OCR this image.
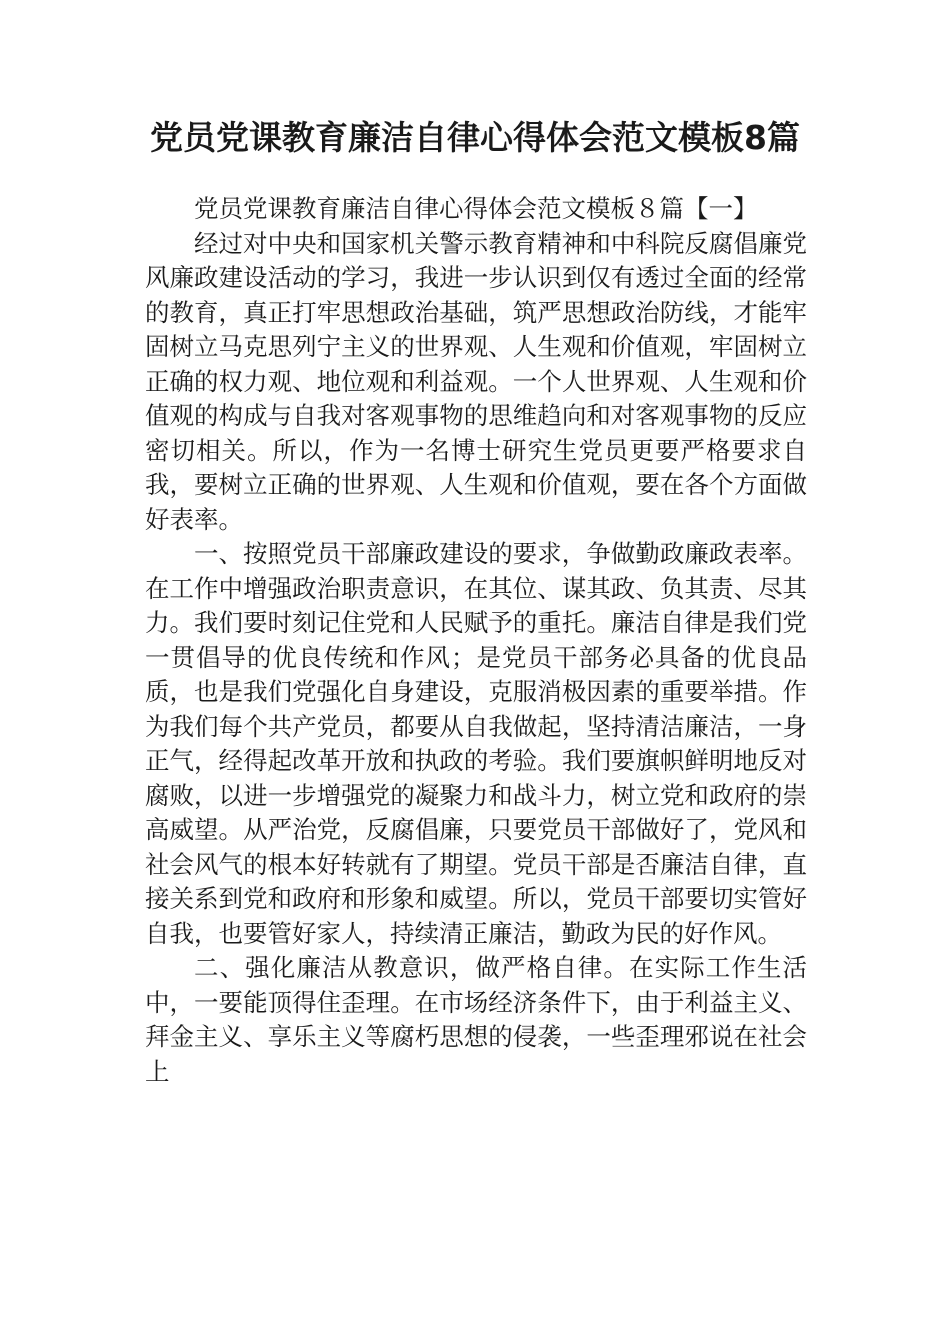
党员党课教育廉洁自律心得体会范文模板8篇

党员党课教育廉洁自律心得体会范文模板８篇【一】

经过对中央和国家机关警示教育精神和中科院反腐倡廉党风廉政建设活动的学习，我进一步认识到仅有透过全面的经常的教育，真正打牢思想政治基础，筑严思想政治防线，才能牢固树立马克思列宁主义的世界观、人生观和价值观，牢固树立正确的权力观、地位观和利益观。一个人世界观、人生观和价值观的构成与自我对客观事物的思维趋向和对客观事物的反应密切相关。所以，作为一名博士研究生党员更要严格要求自我，要树立正确的世界观、人生观和价值观，要在各个方面做好表率。

一、按照党员干部廉政建设的要求，争做勤政廉政表率。在工作中增强政治职责意识，在其位、谋其政、负其责、尽其力。我们要时刻记住党和人民赋予的重托。廉洁自律是我们党一贯倡导的优良传统和作风；是党员干部务必具备的优良品质，也是我们党强化自身建设，克服消极因素的重要举措。作为我们每个共产党员，都要从自我做起，坚持清洁廉洁，一身正气，经得起改革开放和执政的考验。我们要旗帜鲜明地反对腐败，以进一步增强党的凝聚力和战斗力，树立党和政府的崇高威望。从严治党，反腐倡廉，只要党员干部做好了，党风和社会风气的根本好转就有了期望。党员干部是否廉洁自律，直接关系到党和政府和形象和威望。所以，党员干部要切实管好自我，也要管好家人，持续清正廉洁，勤政为民的好作风。

二、强化廉洁从教意识，做严格自律。在实际工作生活中，一要能顶得住歪理。在市场经济条件下，由于利益主义、拜金主义、享乐主义等腐朽思想的侵袭，一些歪理邪说在社会上
